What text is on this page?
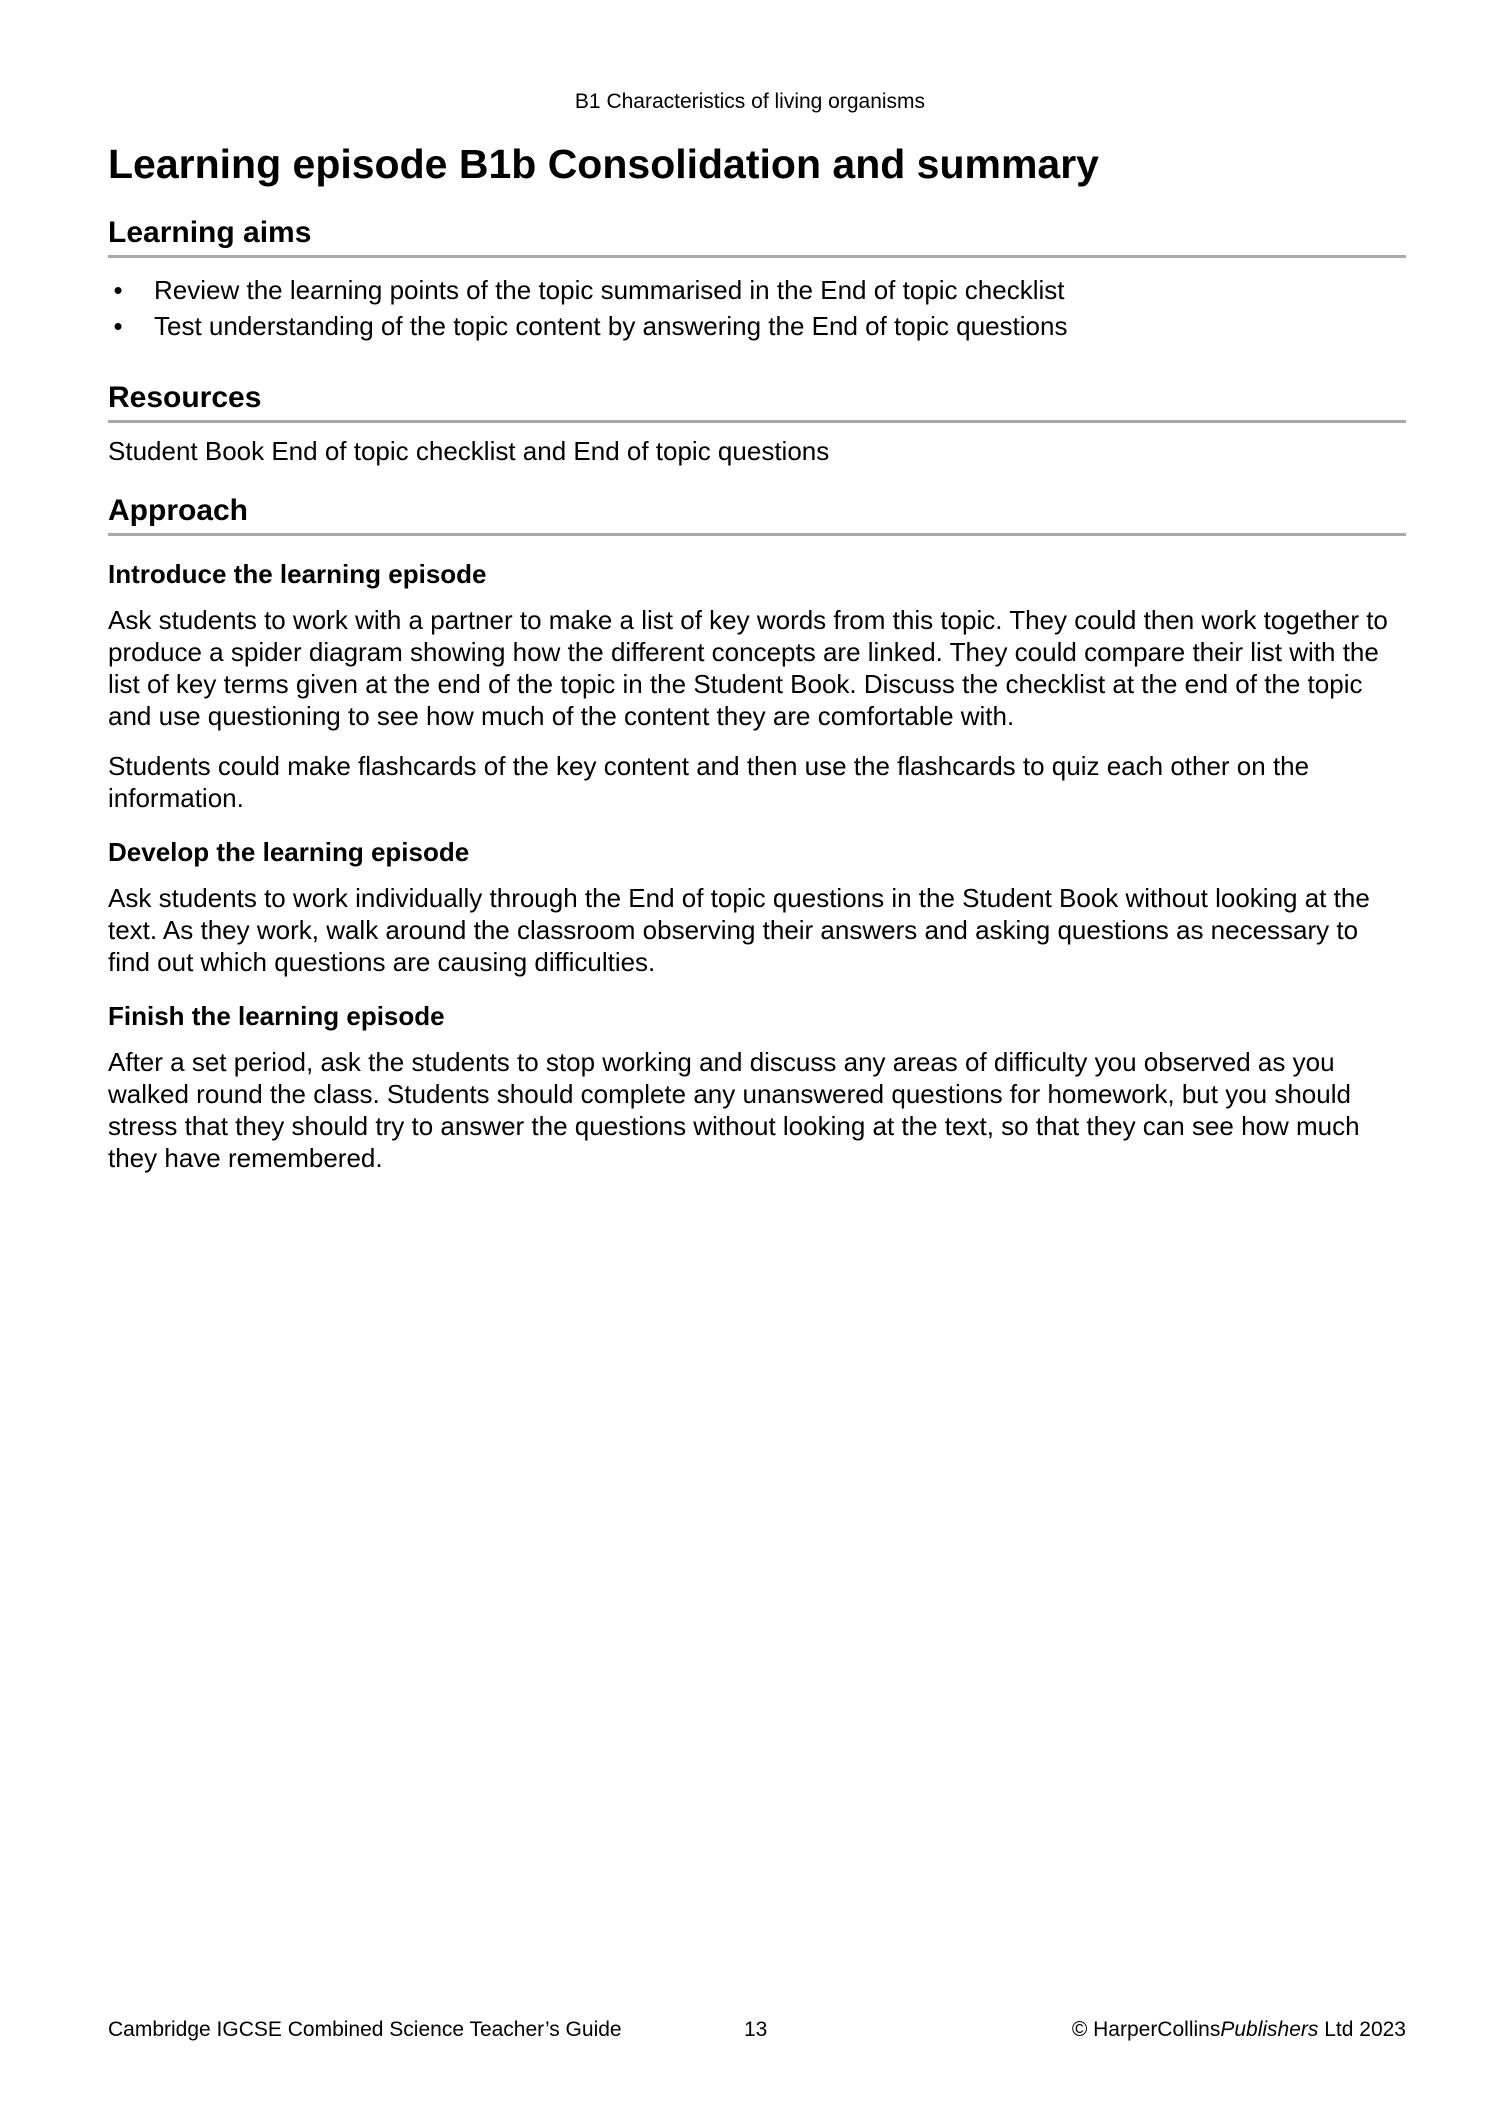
B1 Characteristics of living organisms
Learning episode B1b Consolidation and summary
Learning aims
• Review the learning points of the topic summarised in the End of topic checklist
• Test understanding of the topic content by answering the End of topic questions
Resources

Student Book End of topic checklist and End of topic questions

Approach
Introduce the learning episode

Ask students to work with a partner to make a list of key words from this topic. They could then work together to produce a spider diagram showing how the different concepts are linked. They could compare their list with the list of key terms given at the end of the topic in the Student Book. Discuss the checklist at the end of the topic and use questioning to see how much of the content they are comfortable with.

Students could make flashcards of the key content and then use the flashcards to quiz each other on the information.

Develop the learning episode

Ask students to work individually through the End of topic questions in the Student Book without looking at the text. As they work, walk around the classroom observing their answers and asking questions as necessary to find out which questions are causing difficulties.

Finish the learning episode

After a set period, ask the students to stop working and discuss any areas of difficulty you observed as you walked round the class. Students should complete any unanswered questions for homework, but you should stress that they should try to answer the questions without looking at the text, so that they can see how much they have remembered.

Cambridge IGCSE Combined Science Teacher’s Guide	13	© HarperCollinsPublishers Ltd 2023
